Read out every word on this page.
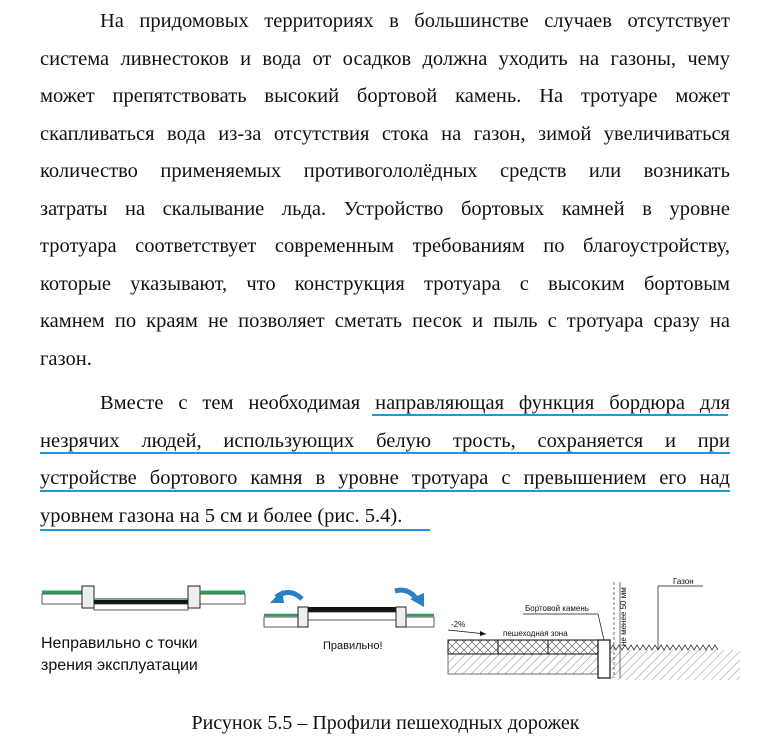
На придомовых территориях в большинстве случаев отсутствует
система ливнестоков и вода от осадков должна уходить на газоны, чему
может препятствовать высокий бортовой камень. На тротуаре может
скапливаться вода из-за отсутствия стока на газон, зимой увеличиваться
количество применяемых противогололёдных средств или возникать
затраты на скалывание льда. Устройство бортовых камней в уровне
тротуара соответствует современным требованиям по благоустройству,
которые указывают, что конструкция тротуара с высоким бортовым
камнем по краям не позволяет сметать песок и пыль с тротуара сразу на
газон.
Вместе с тем необходимая направляющая функция бордюра для
незрячих людей, использующих белую трость, сохраняется и при
устройстве бортового камня в уровне тротуара с превышением его над
уровнем газона на 5 см и более (рис. 5.4).
Неправильно с точки
зрения эксплуатации
Правильно!
Газон
Бортовой камень
-2%
пешеходная зона	не менее 50 мм
Рисунок 5.5 – Профили пешеходных дорожек
